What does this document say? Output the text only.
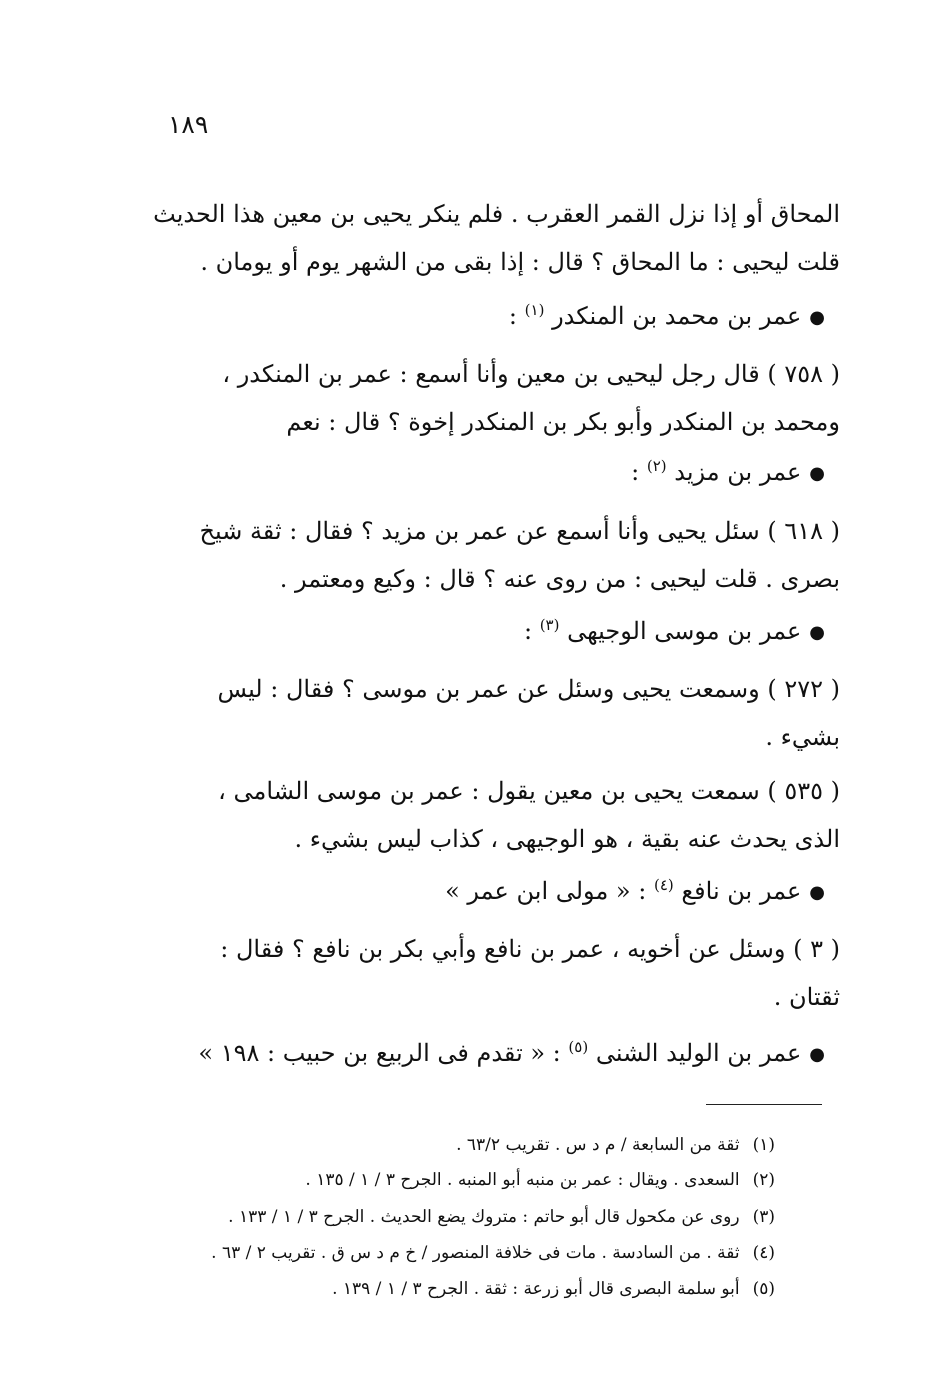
١٨٩
المحاق أو إذا نزل القمر العقرب . فلم ينكر يحيى بن معين هذا الحديث
قلت ليحيى : ما المحاق ؟ قال : إذا بقى من الشهر يوم أو يومان .
●عمر بن محمد بن المنكدر $^{(١)}$ :
( ٧٥٨ ) قال رجل ليحيى بن معين وأنا أسمع : عمر بن المنكدر ،
ومحمد بن المنكدر وأبو بكر بن المنكدر إخوة ؟ قال : نعم
●عمر بن مزيد $^{(٢)}$ :
( ٦١٨ ) سئل يحيى وأنا أسمع عن عمر بن مزيد ؟ فقال : ثقة شيخ
بصرى . قلت ليحيى : من روى عنه ؟ قال : وكيع ومعتمر .
●عمر بن موسى الوجيهى $^{(٣)}$ :
( ٢٧٢ ) وسمعت يحيى وسئل عن عمر بن موسى ؟ فقال : ليس
بشيء .
( ٥٣٥ ) سمعت يحيى بن معين يقول : عمر بن موسى الشامى ،
الذى يحدث عنه بقية ، هو الوجيهى ، كذاب ليس بشيء .
●عمر بن نافع $^{(٤)}$ : « مولى ابن عمر »
( ٣ ) وسئل عن أخويه ، عمر بن نافع وأبي بكر بن نافع ؟ فقال :
ثقتان .
●عمر بن الوليد الشنى $^{(٥)}$ : « تقدم فى الربيع بن حبيب : ١٩٨ »
(١) ثقة من السابعة / م د س . تقريب ٦٣/٢ .
(٢) السعدى . ويقال : عمر بن منبه أبو المنبه . الجرح ٣ / ١ / ١٣٥ .
(٣) روى عن مكحول قال أبو حاتم : متروك يضع الحديث . الجرح ٣ / ١ / ١٣٣ .
(٤) ثقة . من السادسة . مات فى خلافة المنصور / خ م د س ق . تقريب ٢ / ٦٣ .
(٥) أبو سلمة البصرى قال أبو زرعة : ثقة . الجرح ٣ / ١ / ١٣٩ .
